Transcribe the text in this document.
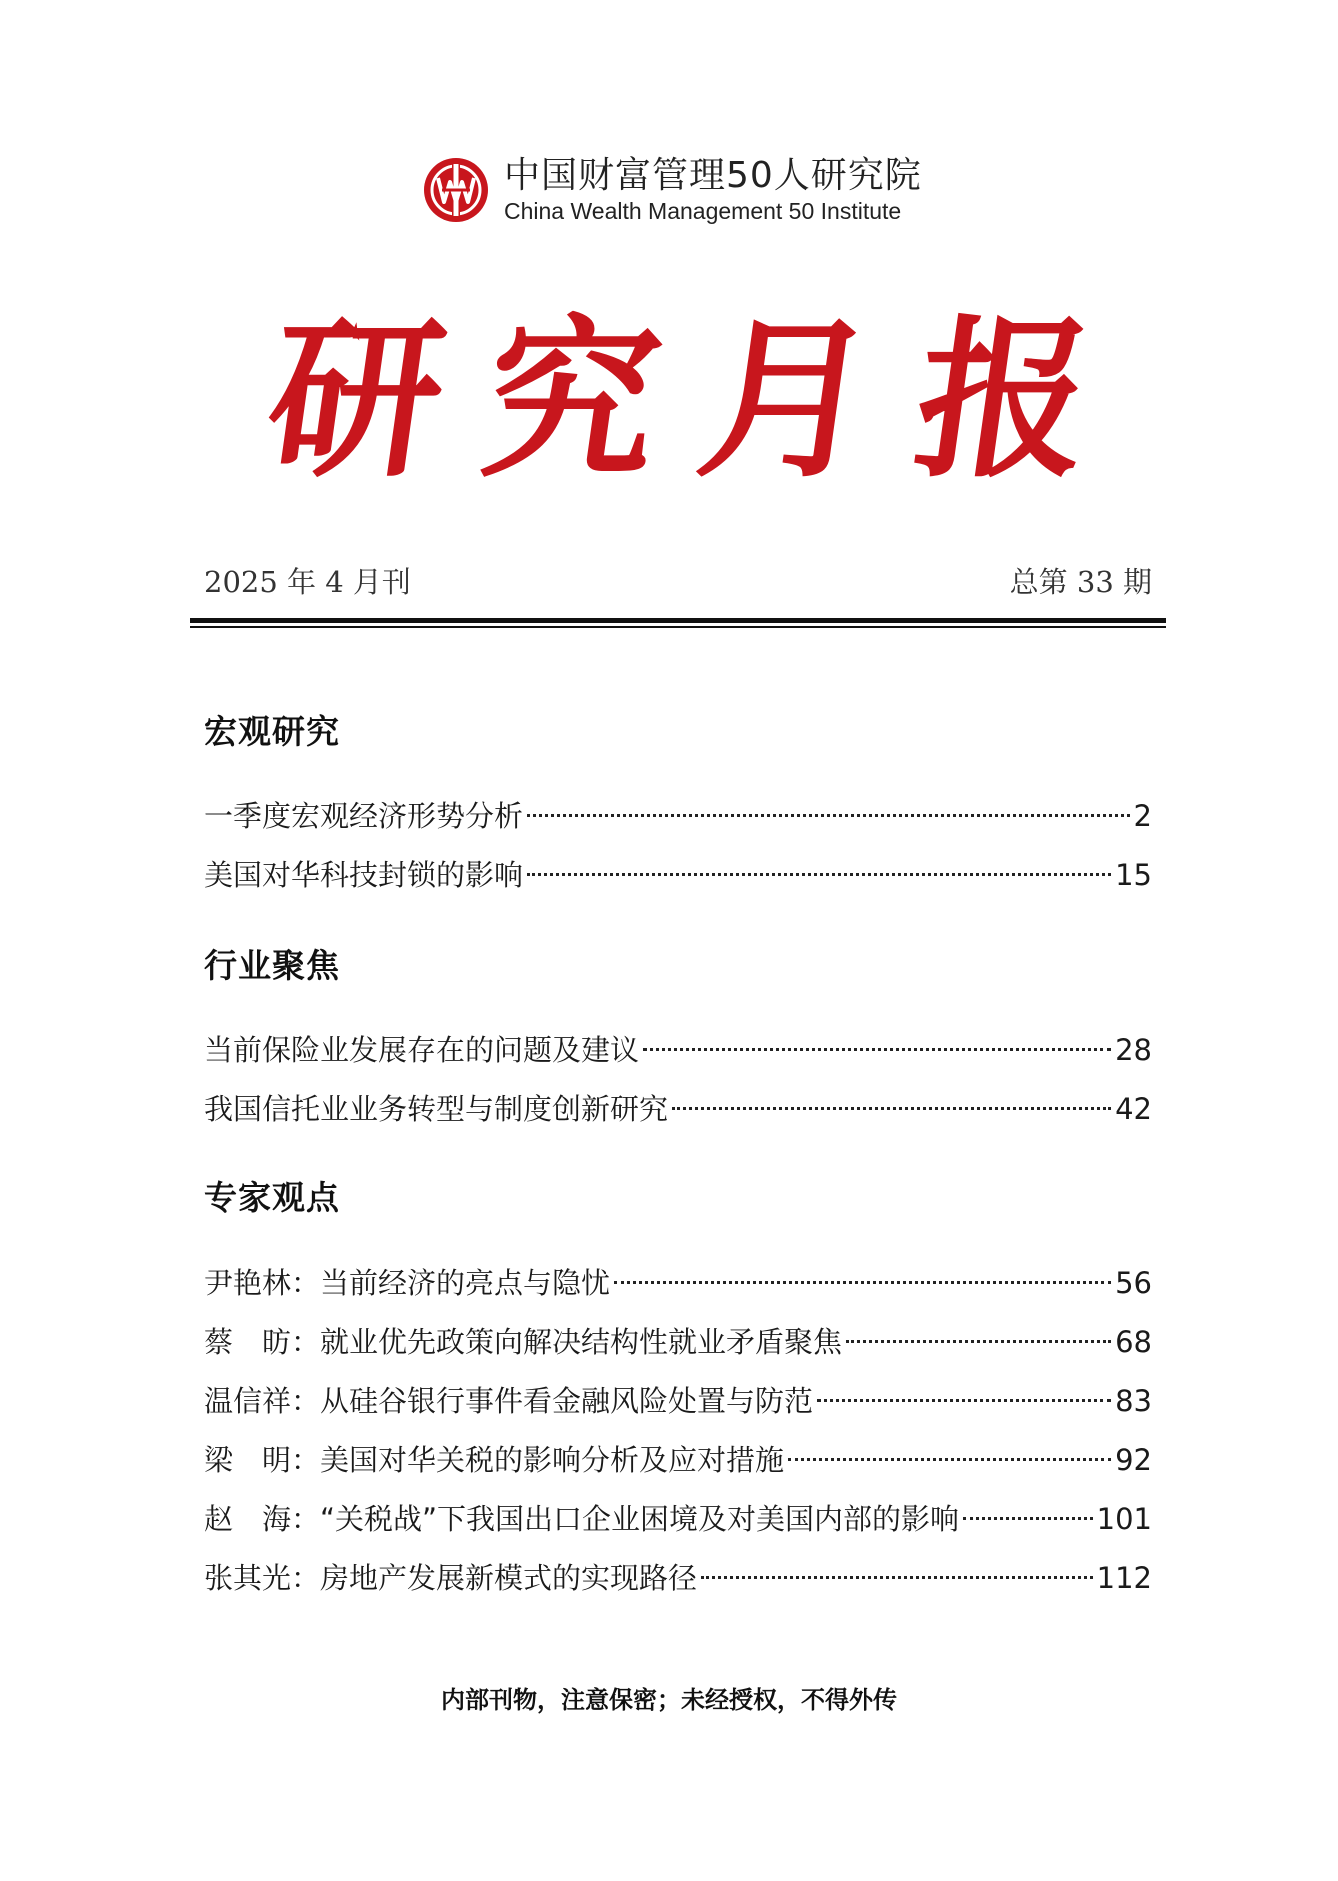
中国财富管理50人研究院
China Wealth Management 50 Institute
研 究 月 报
2025 年 4 月刊	总第 33 期
宏观研究
一季度宏观经济形势分析	2
美国对华科技封锁的影响	15
行业聚焦
当前保险业发展存在的问题及建议	28
我国信托业业务转型与制度创新研究	42
专家观点
尹艳林：当前经济的亮点与隐忧	56
蔡　昉：就业优先政策向解决结构性就业矛盾聚焦	68
温信祥：从硅谷银行事件看金融风险处置与防范	83
梁　明：美国对华关税的影响分析及应对措施	92
赵　海：“关税战”下我国出口企业困境及对美国内部的影响	101
张其光：房地产发展新模式的实现路径	112
内部刊物，注意保密；未经授权，不得外传
